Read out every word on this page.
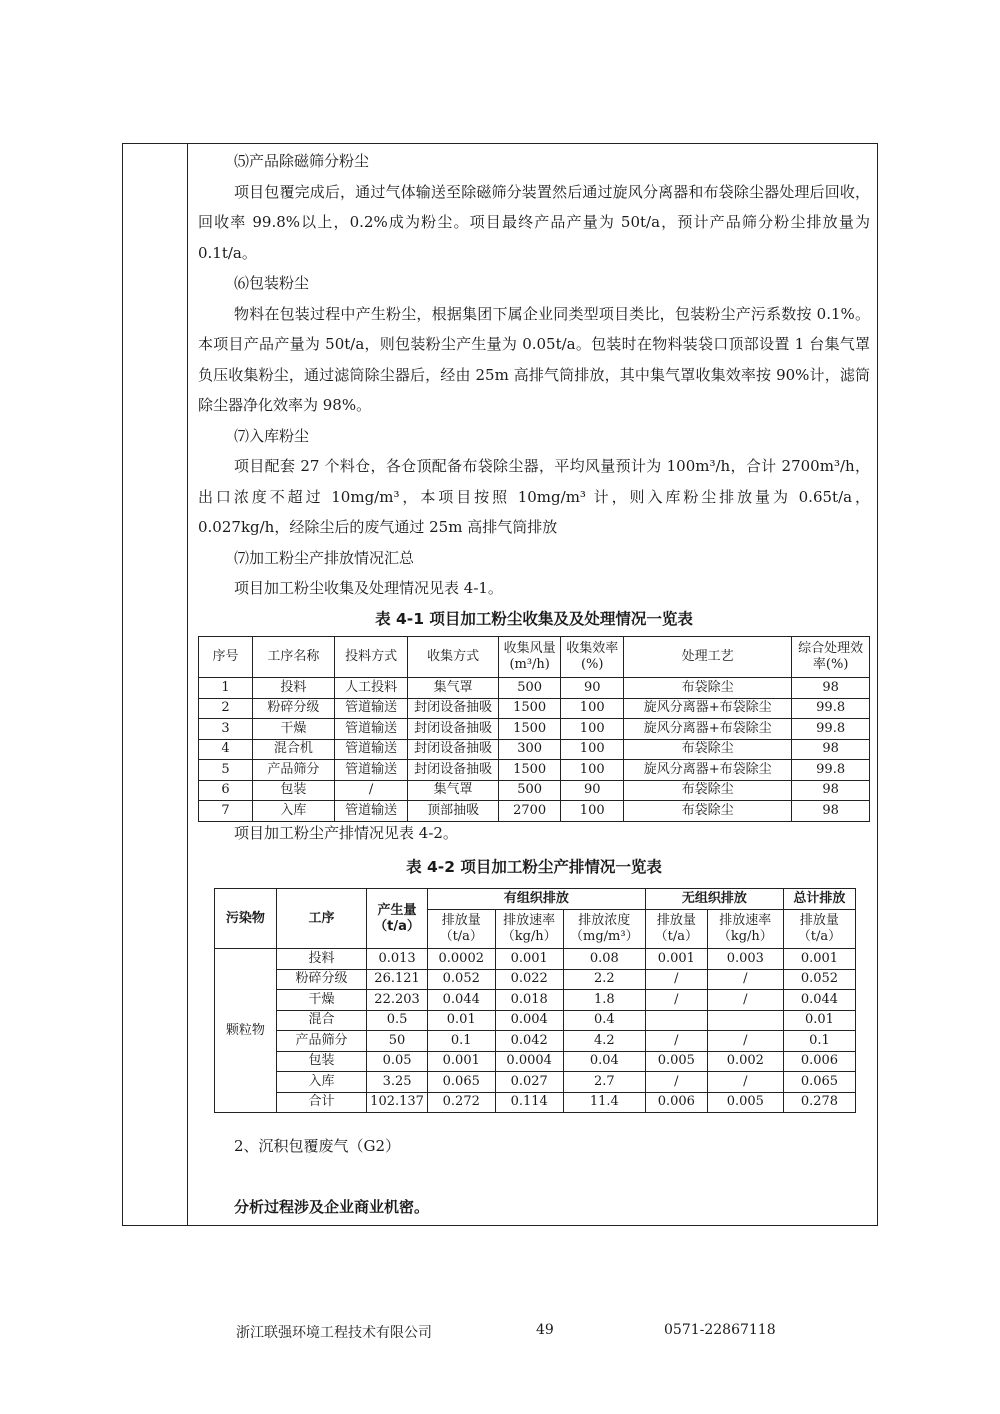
⑸产品除磁筛分粉尘

项目包覆完成后，通过气体输送至除磁筛分装置然后通过旋风分离器和布袋除尘器处理后回收，回收率 99.8%以上，0.2%成为粉尘。项目最终产品产量为 50t/a，预计产品筛分粉尘排放量为 0.1t/a。

⑹包装粉尘

物料在包装过程中产生粉尘，根据集团下属企业同类型项目类比，包装粉尘产污系数按 0.1%。本项目产品产量为 50t/a，则包装粉尘产生量为 0.05t/a。包装时在物料装袋口顶部设置 1 台集气罩负压收集粉尘，通过滤筒除尘器后，经由 25m 高排气筒排放，其中集气罩收集效率按 90%计，滤筒除尘器净化效率为 98%。

⑺入库粉尘

项目配套 27 个料仓，各仓顶配备布袋除尘器，平均风量预计为 100m³/h，合计 2700m³/h，出口浓度不超过 10mg/m³，本项目按照 10mg/m³ 计，则入库粉尘排放量为 0.65t/a，0.027kg/h，经除尘后的废气通过 25m 高排气筒排放

⑺加工粉尘产排放情况汇总

项目加工粉尘收集及处理情况见表 4-1。

表 4-1 项目加工粉尘收集及及处理情况一览表

序号	工序名称	投料方式	收集方式	收集风量(m³/h)	收集效率(%)	处理工艺	综合处理效率(%)
1	投料	人工投料	集气罩	500	90	布袋除尘	98
2	粉碎分级	管道输送	封闭设备抽吸	1500	100	旋风分离器+布袋除尘	99.8
3	干燥	管道输送	封闭设备抽吸	1500	100	旋风分离器+布袋除尘	99.8
4	混合机	管道输送	封闭设备抽吸	300	100	布袋除尘	98
5	产品筛分	管道输送	封闭设备抽吸	1500	100	旋风分离器+布袋除尘	99.8
6	包装	/	集气罩	500	90	布袋除尘	98
7	入库	管道输送	顶部抽吸	2700	100	布袋除尘	98

项目加工粉尘产排情况见表 4-2。

表 4-2 项目加工粉尘产排情况一览表

污染物	工序	产生量（t/a）	有组织排放			无组织排放		总计排放
			排放量（t/a）	排放速率（kg/h）	排放浓度（mg/m³）	排放量（t/a）	排放速率（kg/h）	排放量（t/a）
颗粒物	投料	0.013	0.0002	0.001	0.08	0.001	0.003	0.001
	粉碎分级	26.121	0.052	0.022	2.2	/	/	0.052
	干燥	22.203	0.044	0.018	1.8	/	/	0.044
	混合	0.5	0.01	0.004	0.4			0.01
	产品筛分	50	0.1	0.042	4.2	/	/	0.1
	包装	0.05	0.001	0.0004	0.04	0.005	0.002	0.006
	入库	3.25	0.065	0.027	2.7	/	/	0.065
	合计	102.137	0.272	0.114	11.4	0.006	0.005	0.278

2、沉积包覆废气（G2）

分析过程涉及企业商业机密。

浙江联强环境工程技术有限公司	49	0571-22867118
